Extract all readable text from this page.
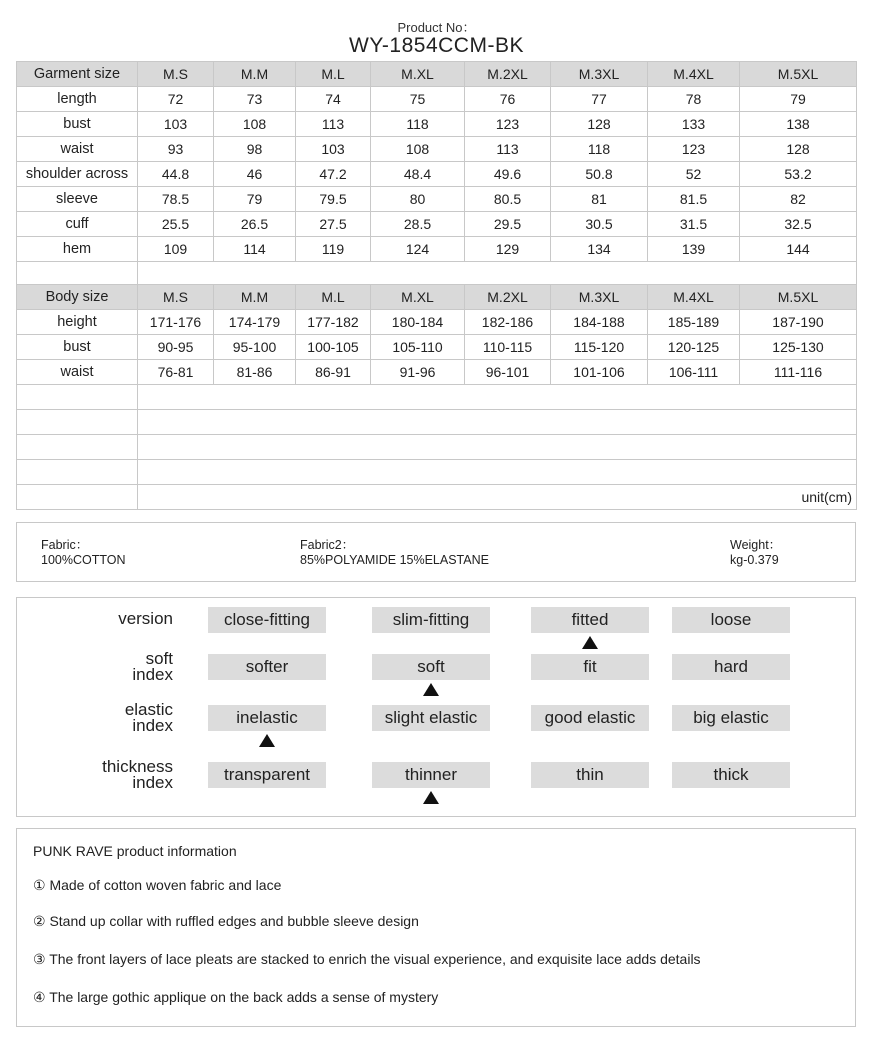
Product No：
WY-1854CCM-BK
Garment size	M.S	M.M	M.L	M.XL	M.2XL	M.3XL	M.4XL	M.5XL
length	72	73	74	75	76	77	78	79
bust	103	108	113	118	123	128	133	138
waist	93	98	103	108	113	118	123	128
shoulder across	44.8	46	47.2	48.4	49.6	50.8	52	53.2
sleeve	78.5	79	79.5	80	80.5	81	81.5	82
cuff	25.5	26.5	27.5	28.5	29.5	30.5	31.5	32.5
hem	109	114	119	124	129	134	139	144

Body size	M.S	M.M	M.L	M.XL	M.2XL	M.3XL	M.4XL	M.5XL
height	171-176	174-179	177-182	180-184	182-186	184-188	185-189	187-190
bust	90-95	95-100	100-105	105-110	110-115	115-120	120-125	125-130
waist	76-81	81-86	86-91	91-96	96-101	101-106	106-111	111-116

	unit(cm)							
Fabric：
100%COTTON
Fabric2：
85%POLYAMIDE 15%ELASTANE
Weight：
kg-0.379
version	close-fitting	slim-fitting	fitted	loose
soft
index	softer	soft	fit	hard
elastic
index	inelastic	slight elastic	good elastic	big elastic
thickness
index	transparent	thinner	thin	thick
PUNK RAVE product information
① Made of cotton woven fabric and lace
② Stand up collar with ruffled edges and bubble sleeve design
③ The front layers of lace pleats are stacked to enrich the visual experience, and exquisite lace adds details
④ The large gothic applique on the back adds a sense of mystery
